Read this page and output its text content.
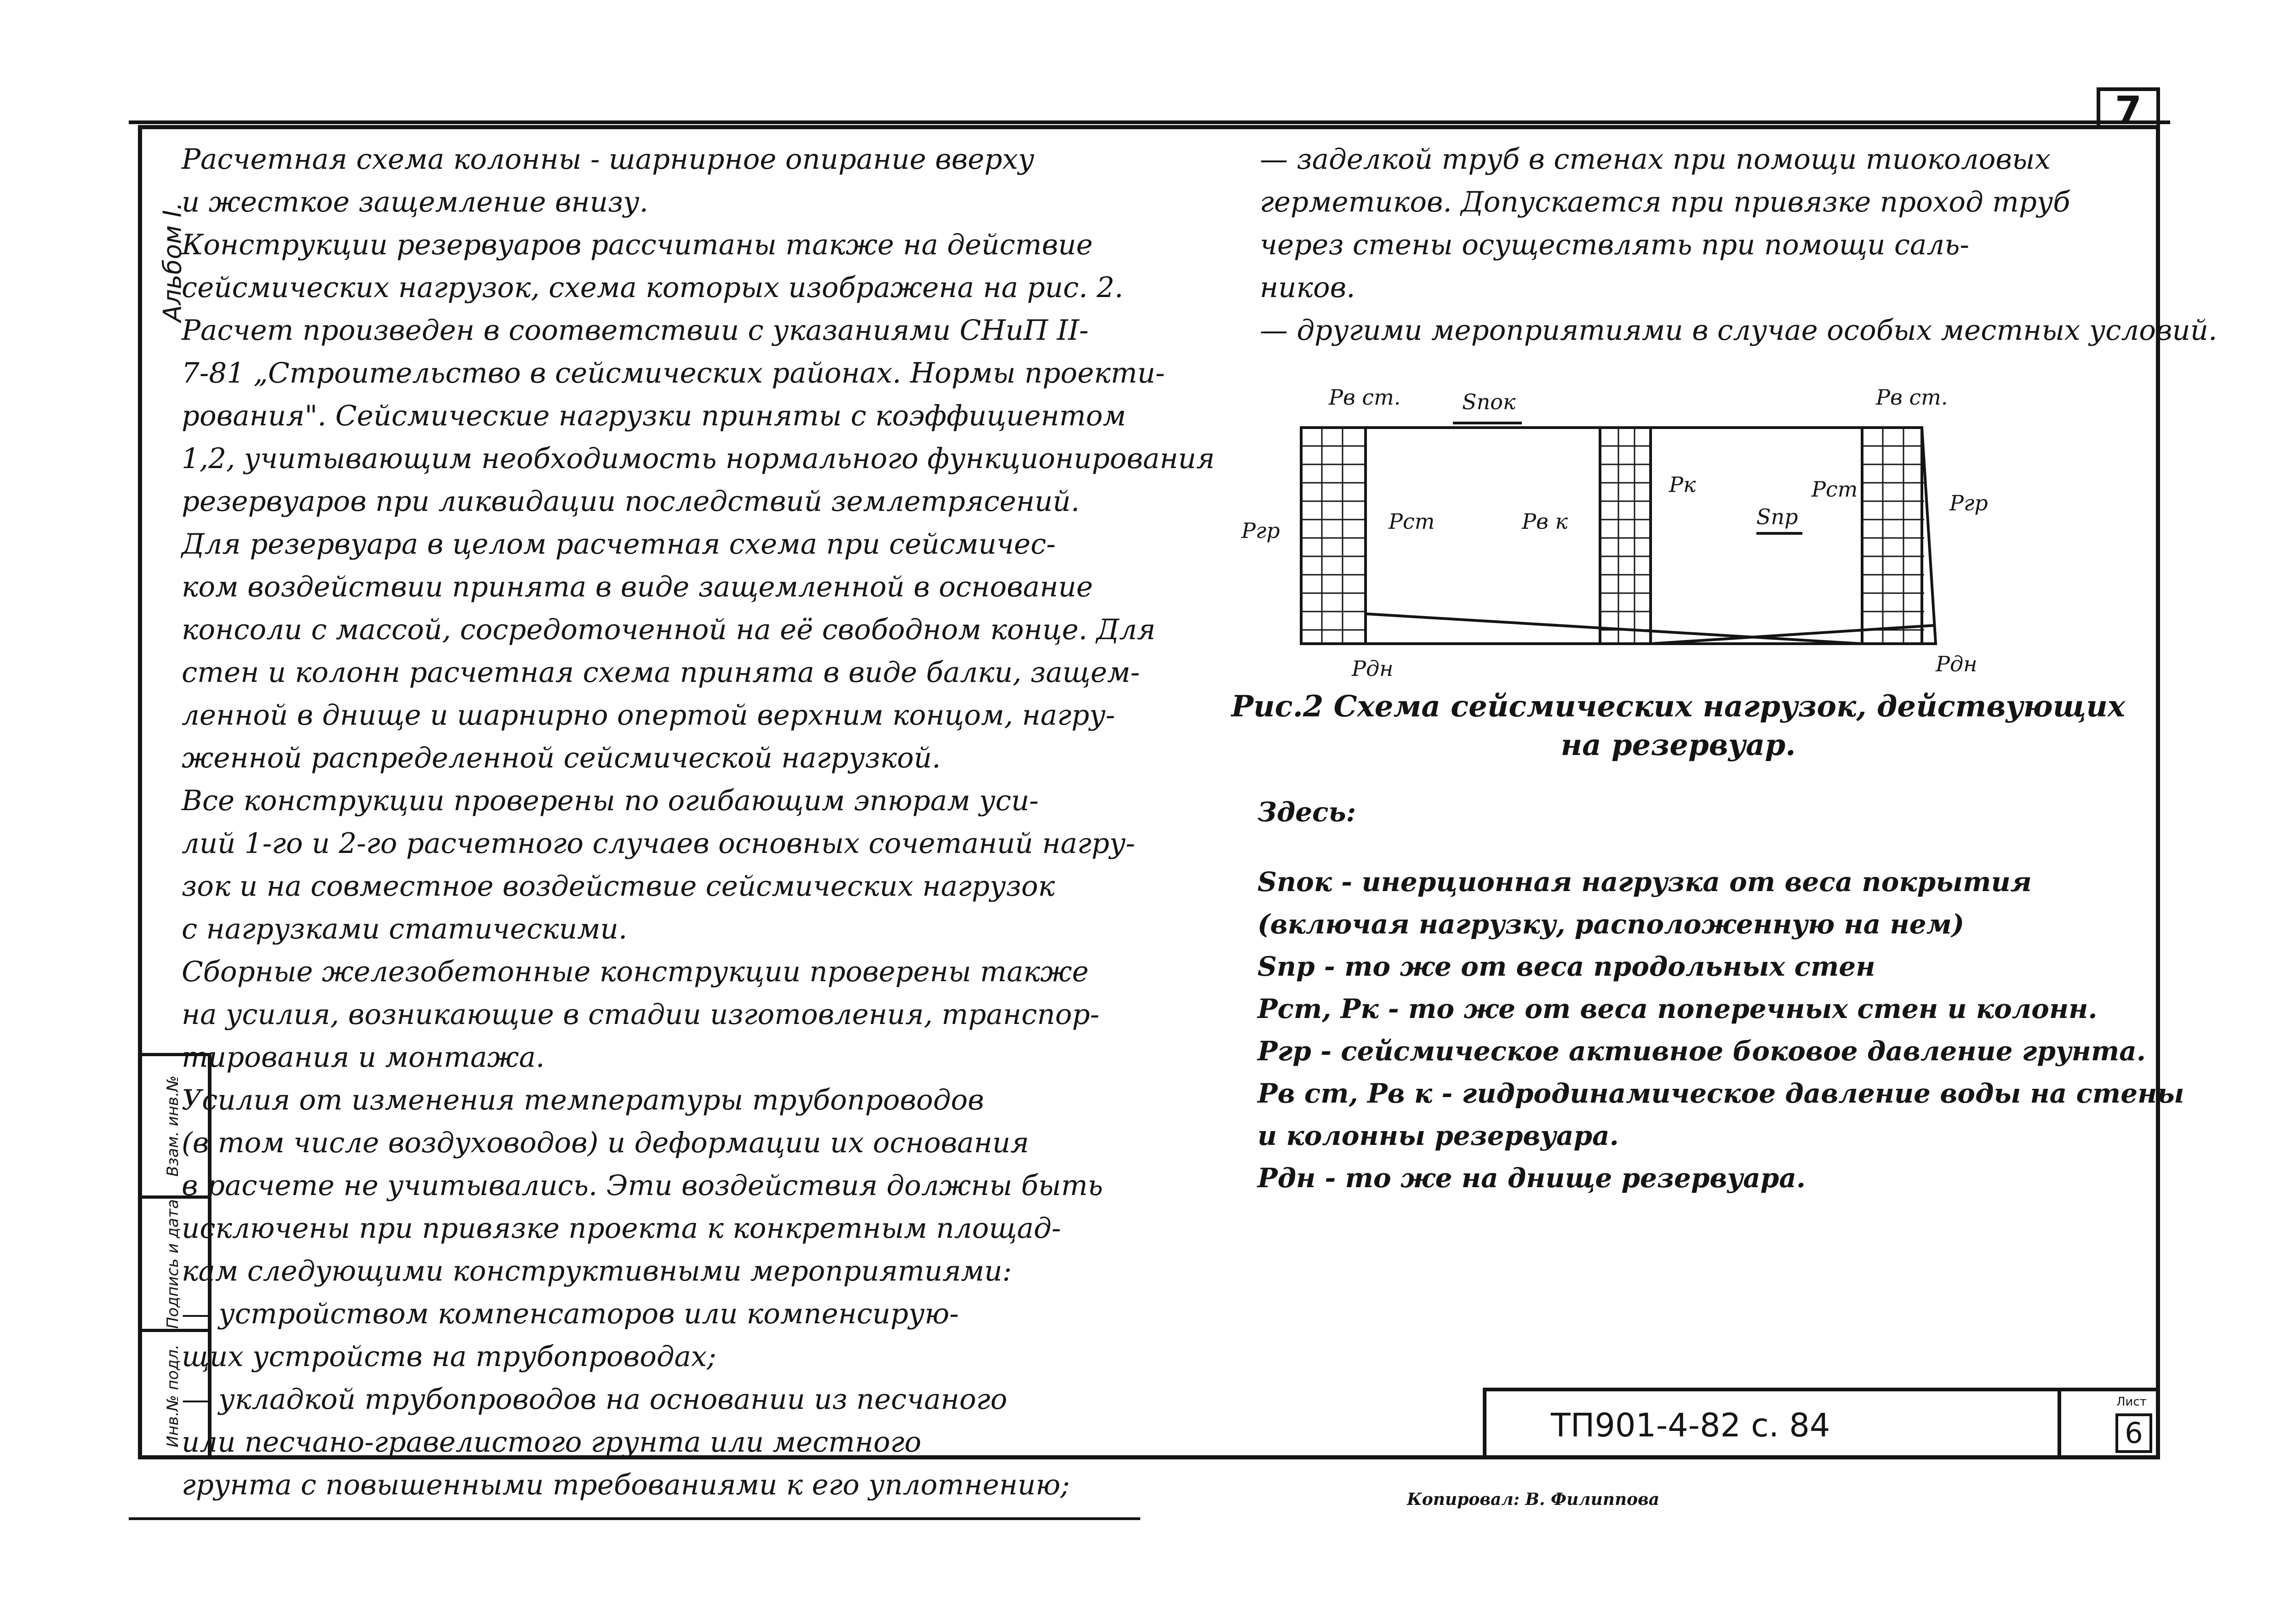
7
Альбом I.
Взам. инв.№
Подпись и дата
Инв.№ подл.

Расчетная схема колонны - шарнирное опирание вверху

и жесткое защемление внизу.

Конструкции резервуаров рассчитаны также на действие

сейсмических нагрузок, схема которых изображена на рис. 2.

Расчет произведен в соответствии с указаниями СНиП II-

7-81 „Строительство в сейсмических районах. Нормы проекти-

рования". Сейсмические нагрузки приняты с коэффициентом

1,2, учитывающим необходимость нормального функционирования

резервуаров при ликвидации последствий землетрясений.

Для резервуара в целом расчетная схема при сейсмичес-

ком воздействии принята в виде защемленной в основание

консоли с массой, сосредоточенной на её свободном конце. Для

стен и колонн расчетная схема принята в виде балки, защем-

ленной в днище и шарнирно опертой верхним концом, нагру-

женной распределенной сейсмической нагрузкой.

Все конструкции проверены по огибающим эпюрам уси-

лий 1-го и 2-го расчетного случаев основных сочетаний нагру-

зок и на совместное воздействие сейсмических нагрузок

с нагрузками статическими.

Сборные железобетонные конструкции проверены также

на усилия, возникающие в стадии изготовления, транспор-

тирования и монтажа.

Усилия от изменения температуры трубопроводов

(в том числе воздуховодов) и деформации их основания

в расчете не учитывались. Эти воздействия должны быть

исключены при привязке проекта к конкретным площад-

кам следующими конструктивными мероприятиями:

— устройством компенсаторов или компенсирую-

щих устройств на трубопроводах;

— укладкой трубопроводов на основании из песчаного

или песчано-гравелистого грунта или местного

грунта с повышенными требованиями к его уплотнению;

— заделкой труб в стенах при помощи тиоколовых

герметиков. Допускается при привязке проход труб

через стены осуществлять при помощи саль-

ников.

— другими мероприятиями в случае особых местных условий.

Pв ст.	Sпок	Pв ст.
Pгр	Pст	Pв к
Pк
Sпр
Pст
Pгр
Pдн	Pдн
Рис.2 Схема сейсмических нагрузок, действующих
на резервуар.

Здесь:

Sпок - инерционная нагрузка от веса покрытия

(включая нагрузку, расположенную на нем)

Sпр - то же от веса продольных стен

Pст, Pк - то же от веса поперечных стен и колонн.

Pгр - сейсмическое активное боковое давление грунта.

Pв ст, Pв к - гидродинамическое давление воды на стены

и колонны резервуара.

Pдн - то же на днище резервуара.

ТП901-4-82 с. 84
Лист
6
Копировал: В. Филиппова
